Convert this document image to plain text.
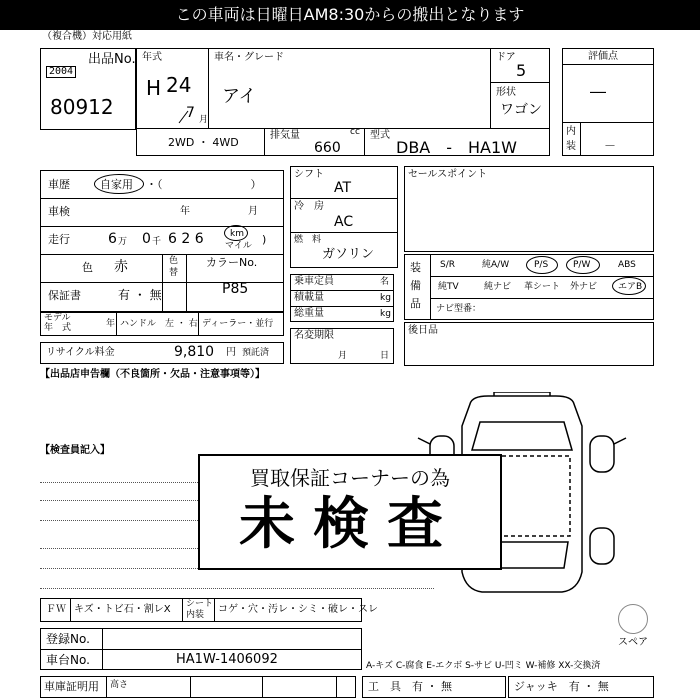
この車両は日曜日AM8:30からの搬出となります
（複合機）対応用紙
出品No.
2004
80912
年式
H 24
7 月
車名・グレード
アイ
ドア
5
形状
ワゴン
2WD ・ 4WD
排気量	cc
660
型式
DBA　-　HA1W
評価点
―
内
装 －
車歴	自家用 ・（　　　　　　　　）
車検	年	月
走行	6 万 0 千 6 2 6	km
マイル )
色 赤	色
替
カラーNo.
P85
保証書	有 ・ 無
モデル
年　式	年 ハンドル　左 ・ 右 ディーラー・並行
リサイクル料金	9,810 円 預託済
シフト
AT
冷　房
AC
燃　料
ガソリン
乗車定員	名
積載量	kg
総重量	kg
名変期限
月	日
セールスポイント
装
備
品
S/R	純A/W	P/S	P/W	ABS
純TV	純ナビ 革シート 外ナビ エアB
ナビ型番：
後日品
【出品店申告欄（不良箇所・欠品・注意事項等）】
【検査員記入】
スペア
買取保証コーナーの為
未検査
ＦＷ キズ・トビ石・割レX シート
内装 コゲ・穴・汚レ・シミ・破レ・スレ
登録No.
車台No.	HA1W-1406092	A-キズ C-腐食 E-エクボ S-サビ U-凹ミ W-補修 XX-交換済
車庫証明用 高さ	工　具　有 ・ 無	ジャッキ　有 ・ 無
